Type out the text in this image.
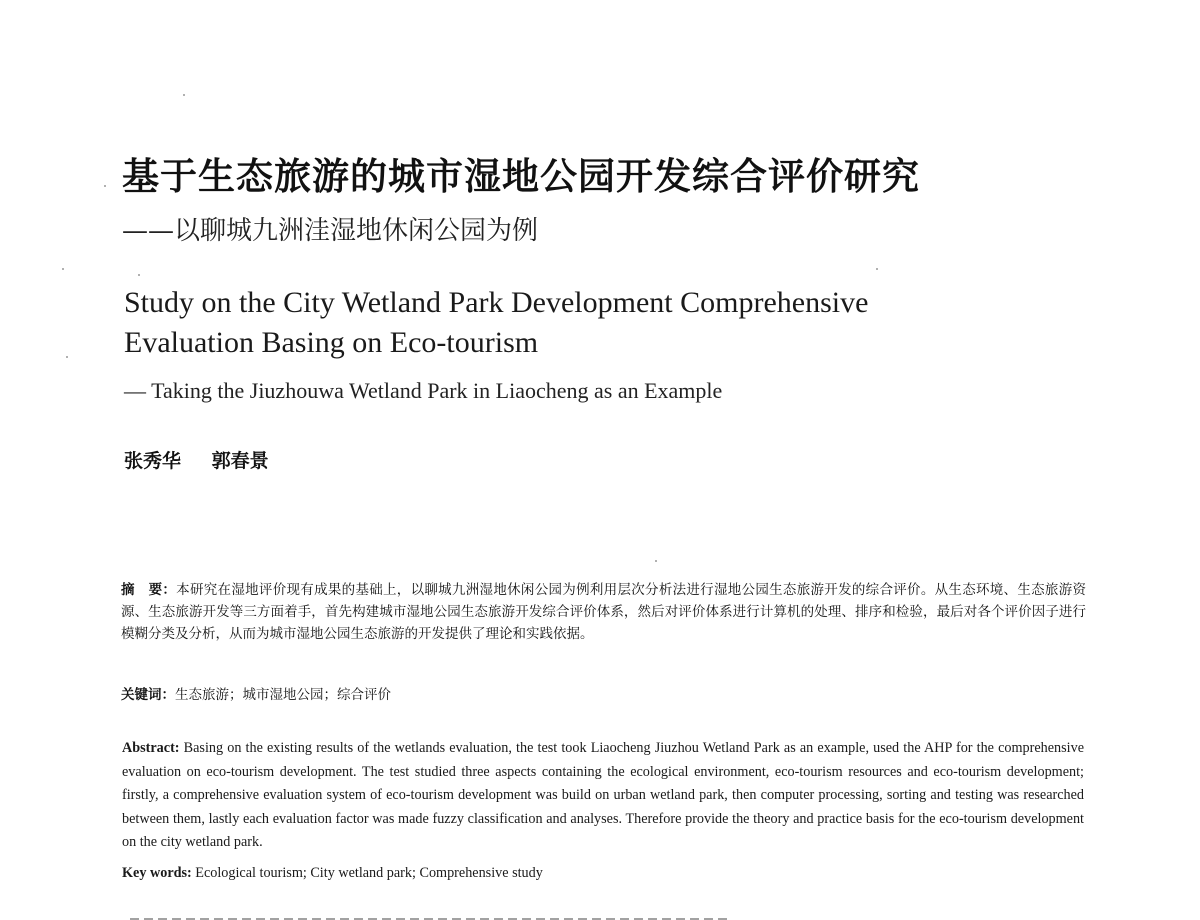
基于生态旅游的城市湿地公园开发综合评价研究
——以聊城九洲洼湿地休闲公园为例
Study on the City Wetland Park Development Comprehensive
Evaluation Basing on Eco-tourism
— Taking the Jiuzhouwa Wetland Park in Liaocheng as an Example
张秀华 郭春景
摘　要：本研究在湿地评价现有成果的基础上，以聊城九洲湿地休闲公园为例利用层次分析法进行湿地公园生态旅游开发的综合评价。从生态环境、生态旅游资源、生态旅游开发等三方面着手，首先构建城市湿地公园生态旅游开发综合评价体系，然后对评价体系进行计算机的处理、排序和检验，最后对各个评价因子进行模糊分类及分析，从而为城市湿地公园生态旅游的开发提供了理论和实践依据。
关键词：生态旅游；城市湿地公园；综合评价
Abstract: Basing on the existing results of the wetlands evaluation, the test took Liaocheng Jiuzhou Wetland Park as an example, used the AHP for the comprehensive evaluation on eco-tourism development. The test studied three aspects containing the ecological environment, eco-tourism resources and eco-tourism development; firstly, a comprehensive evaluation system of eco-tourism development was build on urban wetland park, then computer processing, sorting and testing was researched between them, lastly each evaluation factor was made fuzzy classification and analyses. Therefore provide the theory and practice basis for the eco-tourism development on the city wetland park.
Key words: Ecological tourism; City wetland park; Comprehensive study
